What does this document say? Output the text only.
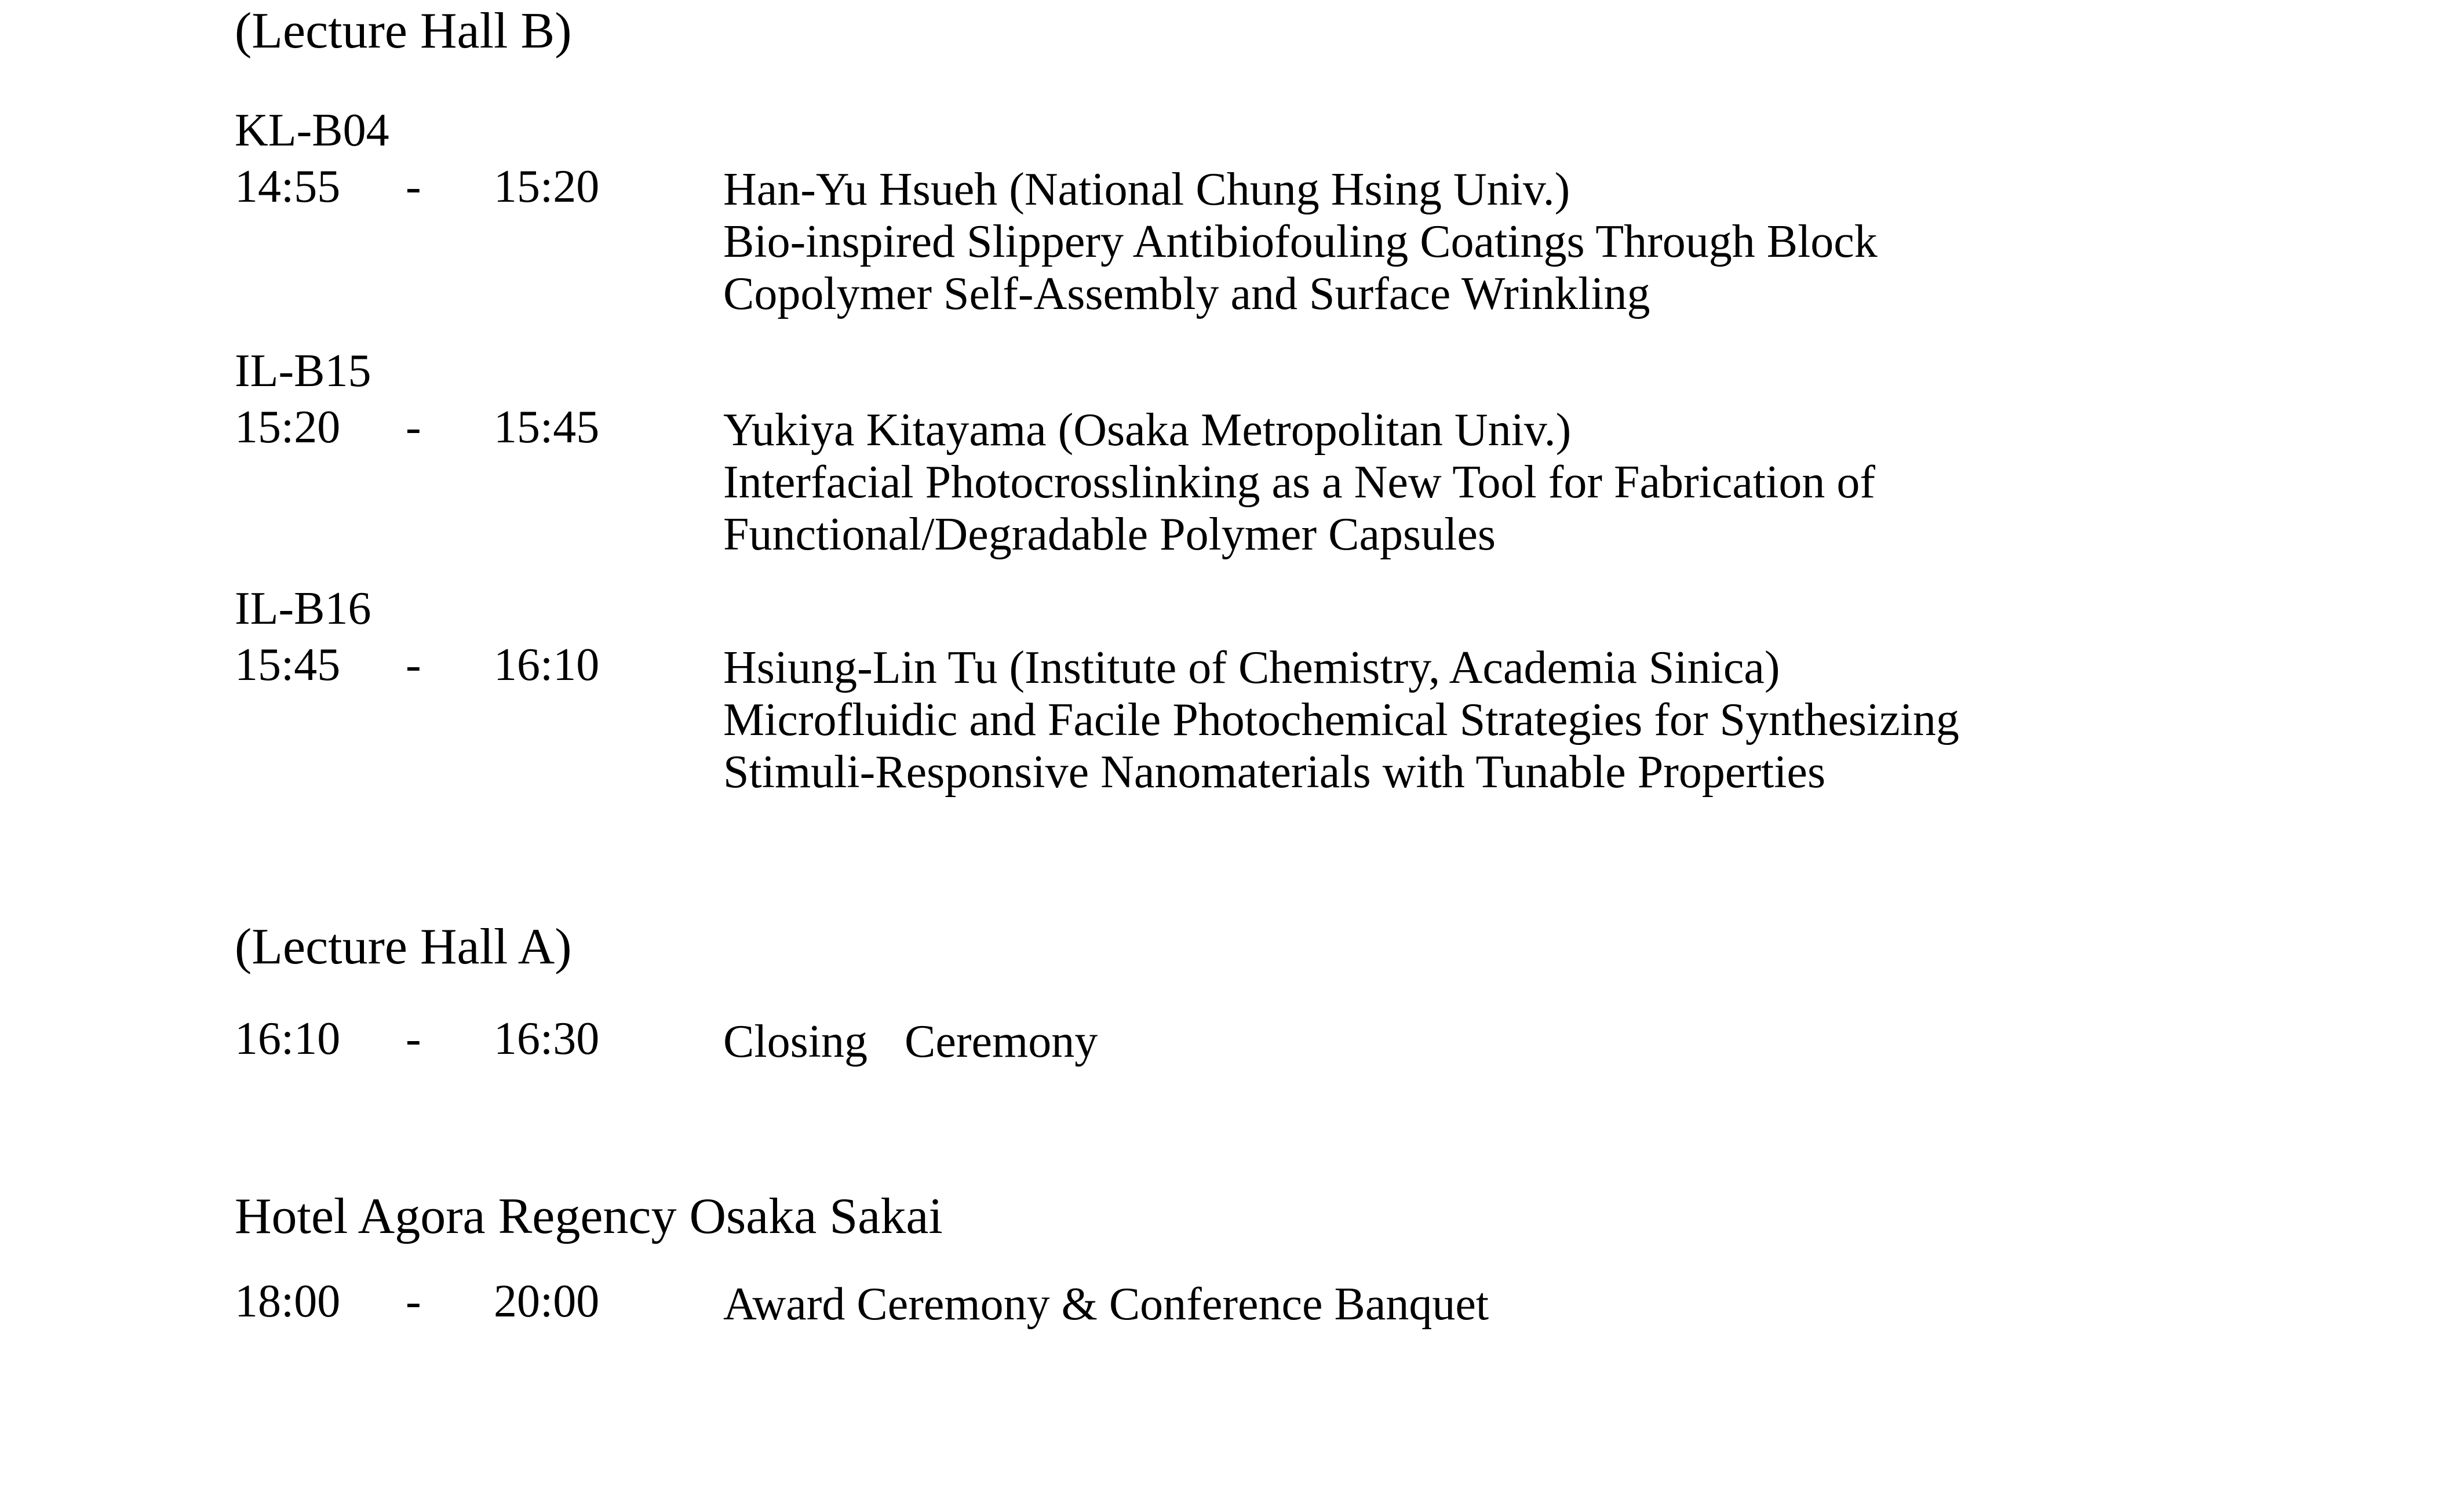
(Lecture Hall B)
KL-B04
14:55 - 15:20	Han-Yu Hsueh (National Chung Hsing Univ.)
Bio-inspired Slippery Antibiofouling Coatings Through Block
Copolymer Self-Assembly and Surface Wrinkling
IL-B15
15:20 - 15:45	Yukiya Kitayama (Osaka Metropolitan Univ.)
Interfacial Photocrosslinking as a New Tool for Fabrication of
Functional/Degradable Polymer Capsules
IL-B16
15:45 - 16:10	Hsiung-Lin Tu (Institute of Chemistry, Academia Sinica)
Microfluidic and Facile Photochemical Strategies for Synthesizing
Stimuli-Responsive Nanomaterials with Tunable Properties
(Lecture Hall A)
16:10 - 16:30	Closing Ceremony
Hotel Agora Regency Osaka Sakai
18:00 - 20:00	Award Ceremony & Conference Banquet
